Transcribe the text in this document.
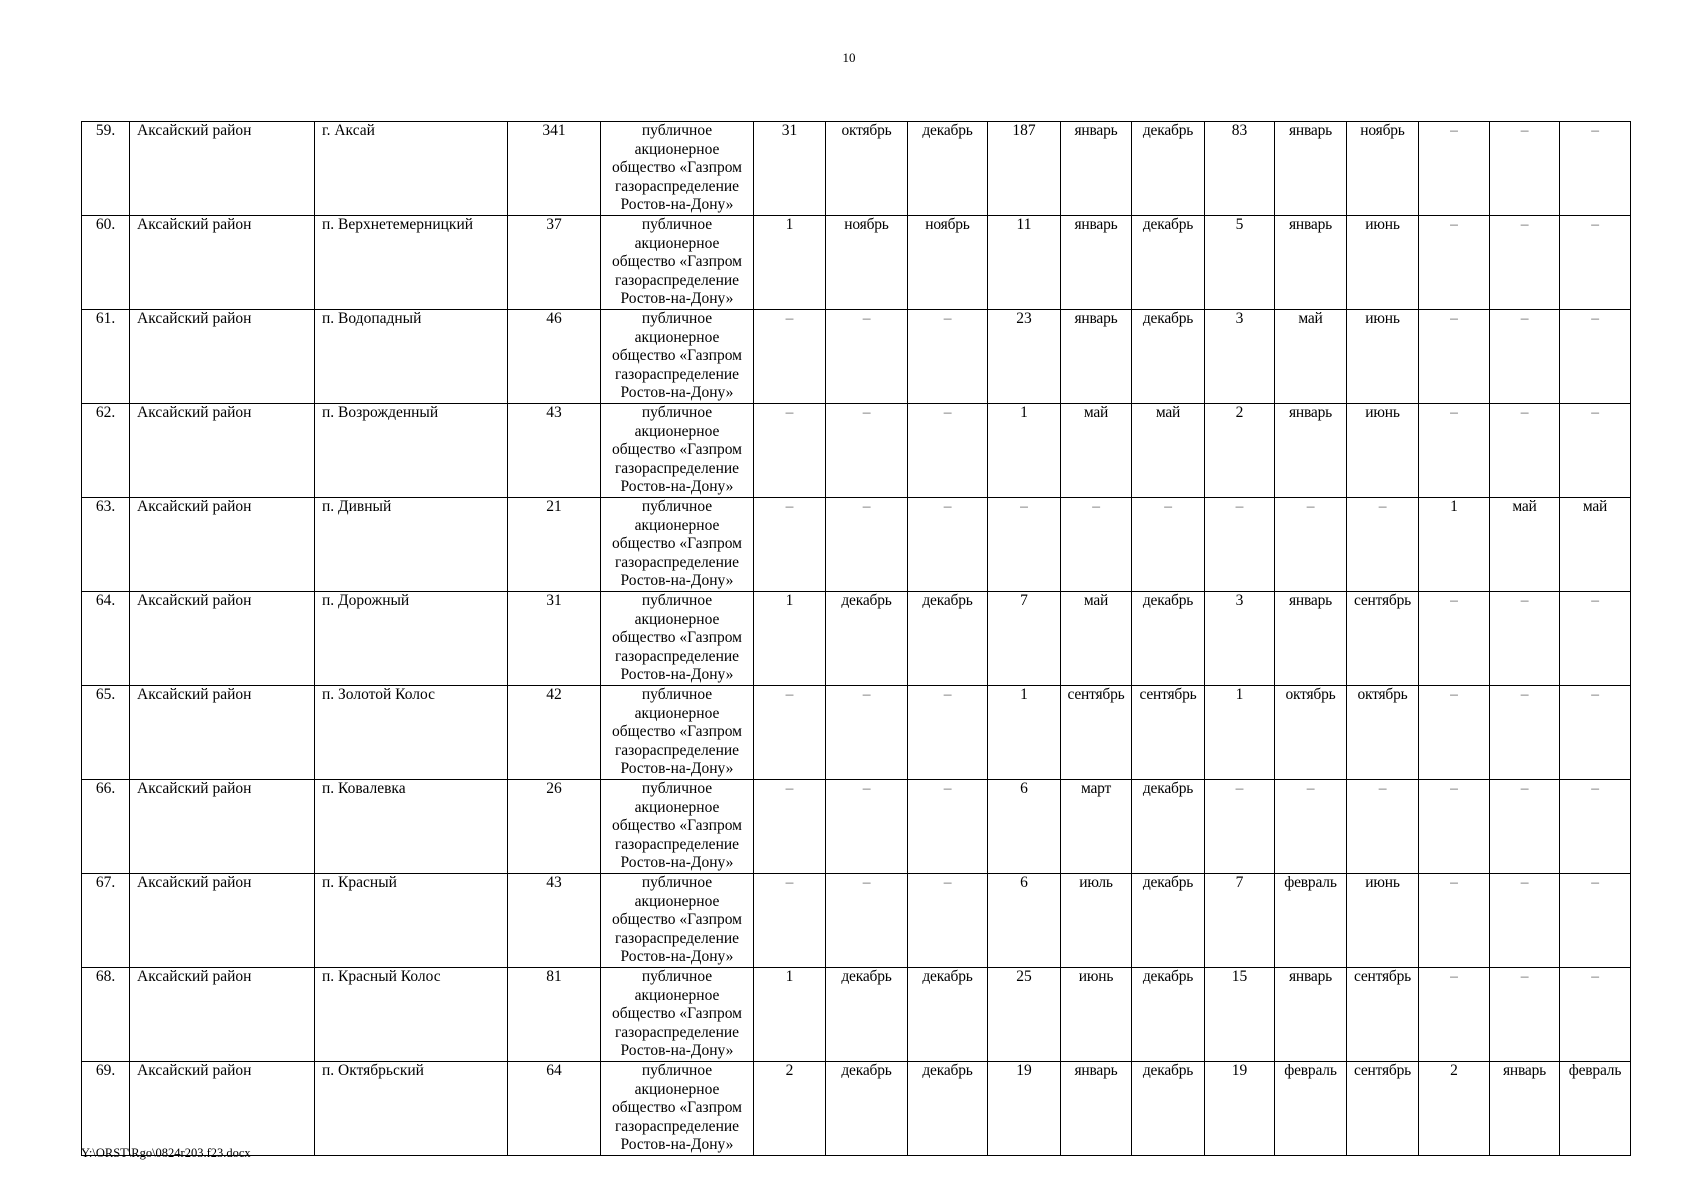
10
59.	Аксайский район	г. Аксай	341	публичное акционерное общество «Газпром газораспределение Ростов-на-Дону»	31	октябрь	декабрь	187	январь	декабрь	83	январь	ноябрь	–	–	–
60.	Аксайский район	п. Верхнетемерницкий	37	публичное акционерное общество «Газпром газораспределение Ростов-на-Дону»	1	ноябрь	ноябрь	11	январь	декабрь	5	январь	июнь	–	–	–
61.	Аксайский район	п. Водопадный	46	публичное акционерное общество «Газпром газораспределение Ростов-на-Дону»	–	–	–	23	январь	декабрь	3	май	июнь	–	–	–
62.	Аксайский район	п. Возрожденный	43	публичное акционерное общество «Газпром газораспределение Ростов-на-Дону»	–	–	–	1	май	май	2	январь	июнь	–	–	–
63.	Аксайский район	п. Дивный	21	публичное акционерное общество «Газпром газораспределение Ростов-на-Дону»	–	–	–	–	–	–	–	–	–	1	май	май
64.	Аксайский район	п. Дорожный	31	публичное акционерное общество «Газпром газораспределение Ростов-на-Дону»	1	декабрь	декабрь	7	май	декабрь	3	январь	сентябрь	–	–	–
65.	Аксайский район	п. Золотой Колос	42	публичное акционерное общество «Газпром газораспределение Ростов-на-Дону»	–	–	–	1	сентябрь	сентябрь	1	октябрь	октябрь	–	–	–
66.	Аксайский район	п. Ковалевка	26	публичное акционерное общество «Газпром газораспределение Ростов-на-Дону»	–	–	–	6	март	декабрь	–	–	–	–	–	–
67.	Аксайский район	п. Красный	43	публичное акционерное общество «Газпром газораспределение Ростов-на-Дону»	–	–	–	6	июль	декабрь	7	февраль	июнь	–	–	–
68.	Аксайский район	п. Красный Колос	81	публичное акционерное общество «Газпром газораспределение Ростов-на-Дону»	1	декабрь	декабрь	25	июнь	декабрь	15	январь	сентябрь	–	–	–
69.	Аксайский район	п. Октябрьский	64	публичное акционерное общество «Газпром газораспределение Ростов-на-Дону»	2	декабрь	декабрь	19	январь	декабрь	19	февраль	сентябрь	2	январь	февраль
Y:\ORST\Rgo\0824r203.f23.docx
